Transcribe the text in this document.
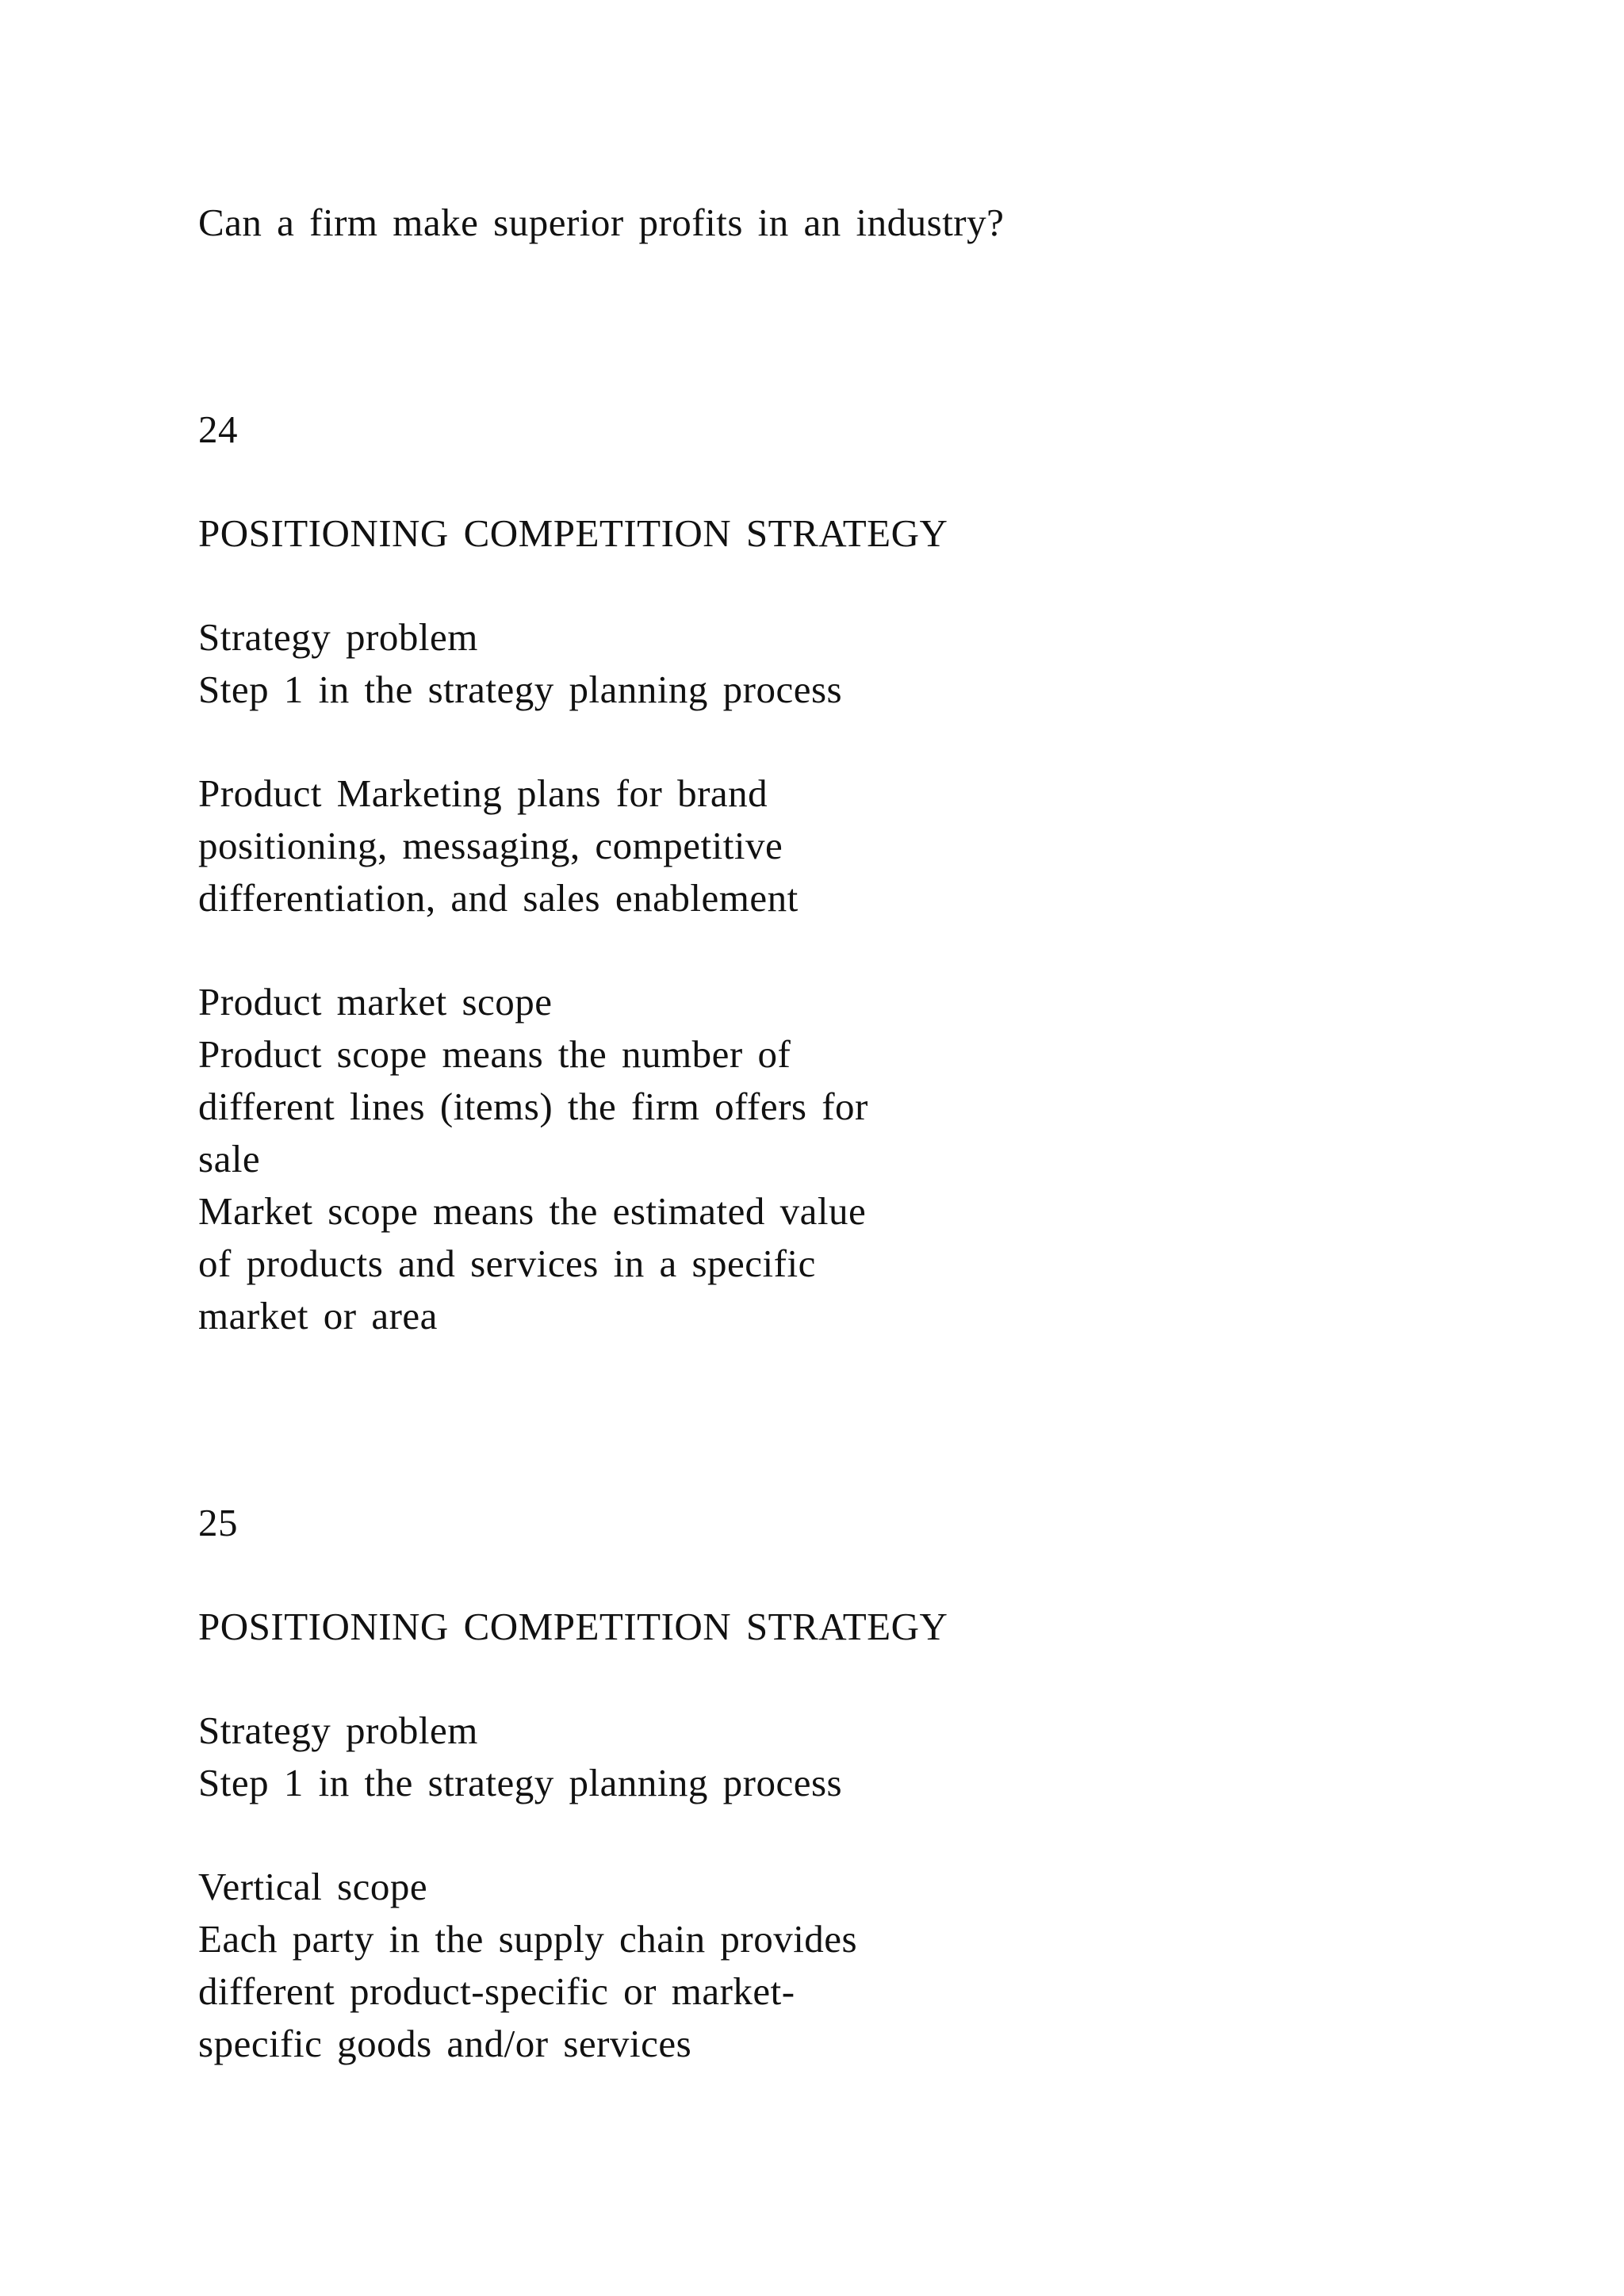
Can a firm make superior profits in an industry?
24
POSITIONING COMPETITION STRATEGY
Strategy problem
Step 1 in the strategy planning process
Product Marketing plans for brand
positioning, messaging, competitive
differentiation, and sales enablement
Product market scope
Product scope means the number of
different lines (items) the firm offers for
sale
Market scope means the estimated value
of products and services in a specific
market or area
25
POSITIONING COMPETITION STRATEGY
Strategy problem
Step 1 in the strategy planning process
Vertical scope
Each party in the supply chain provides
different product-specific or market-
specific goods and/or services
